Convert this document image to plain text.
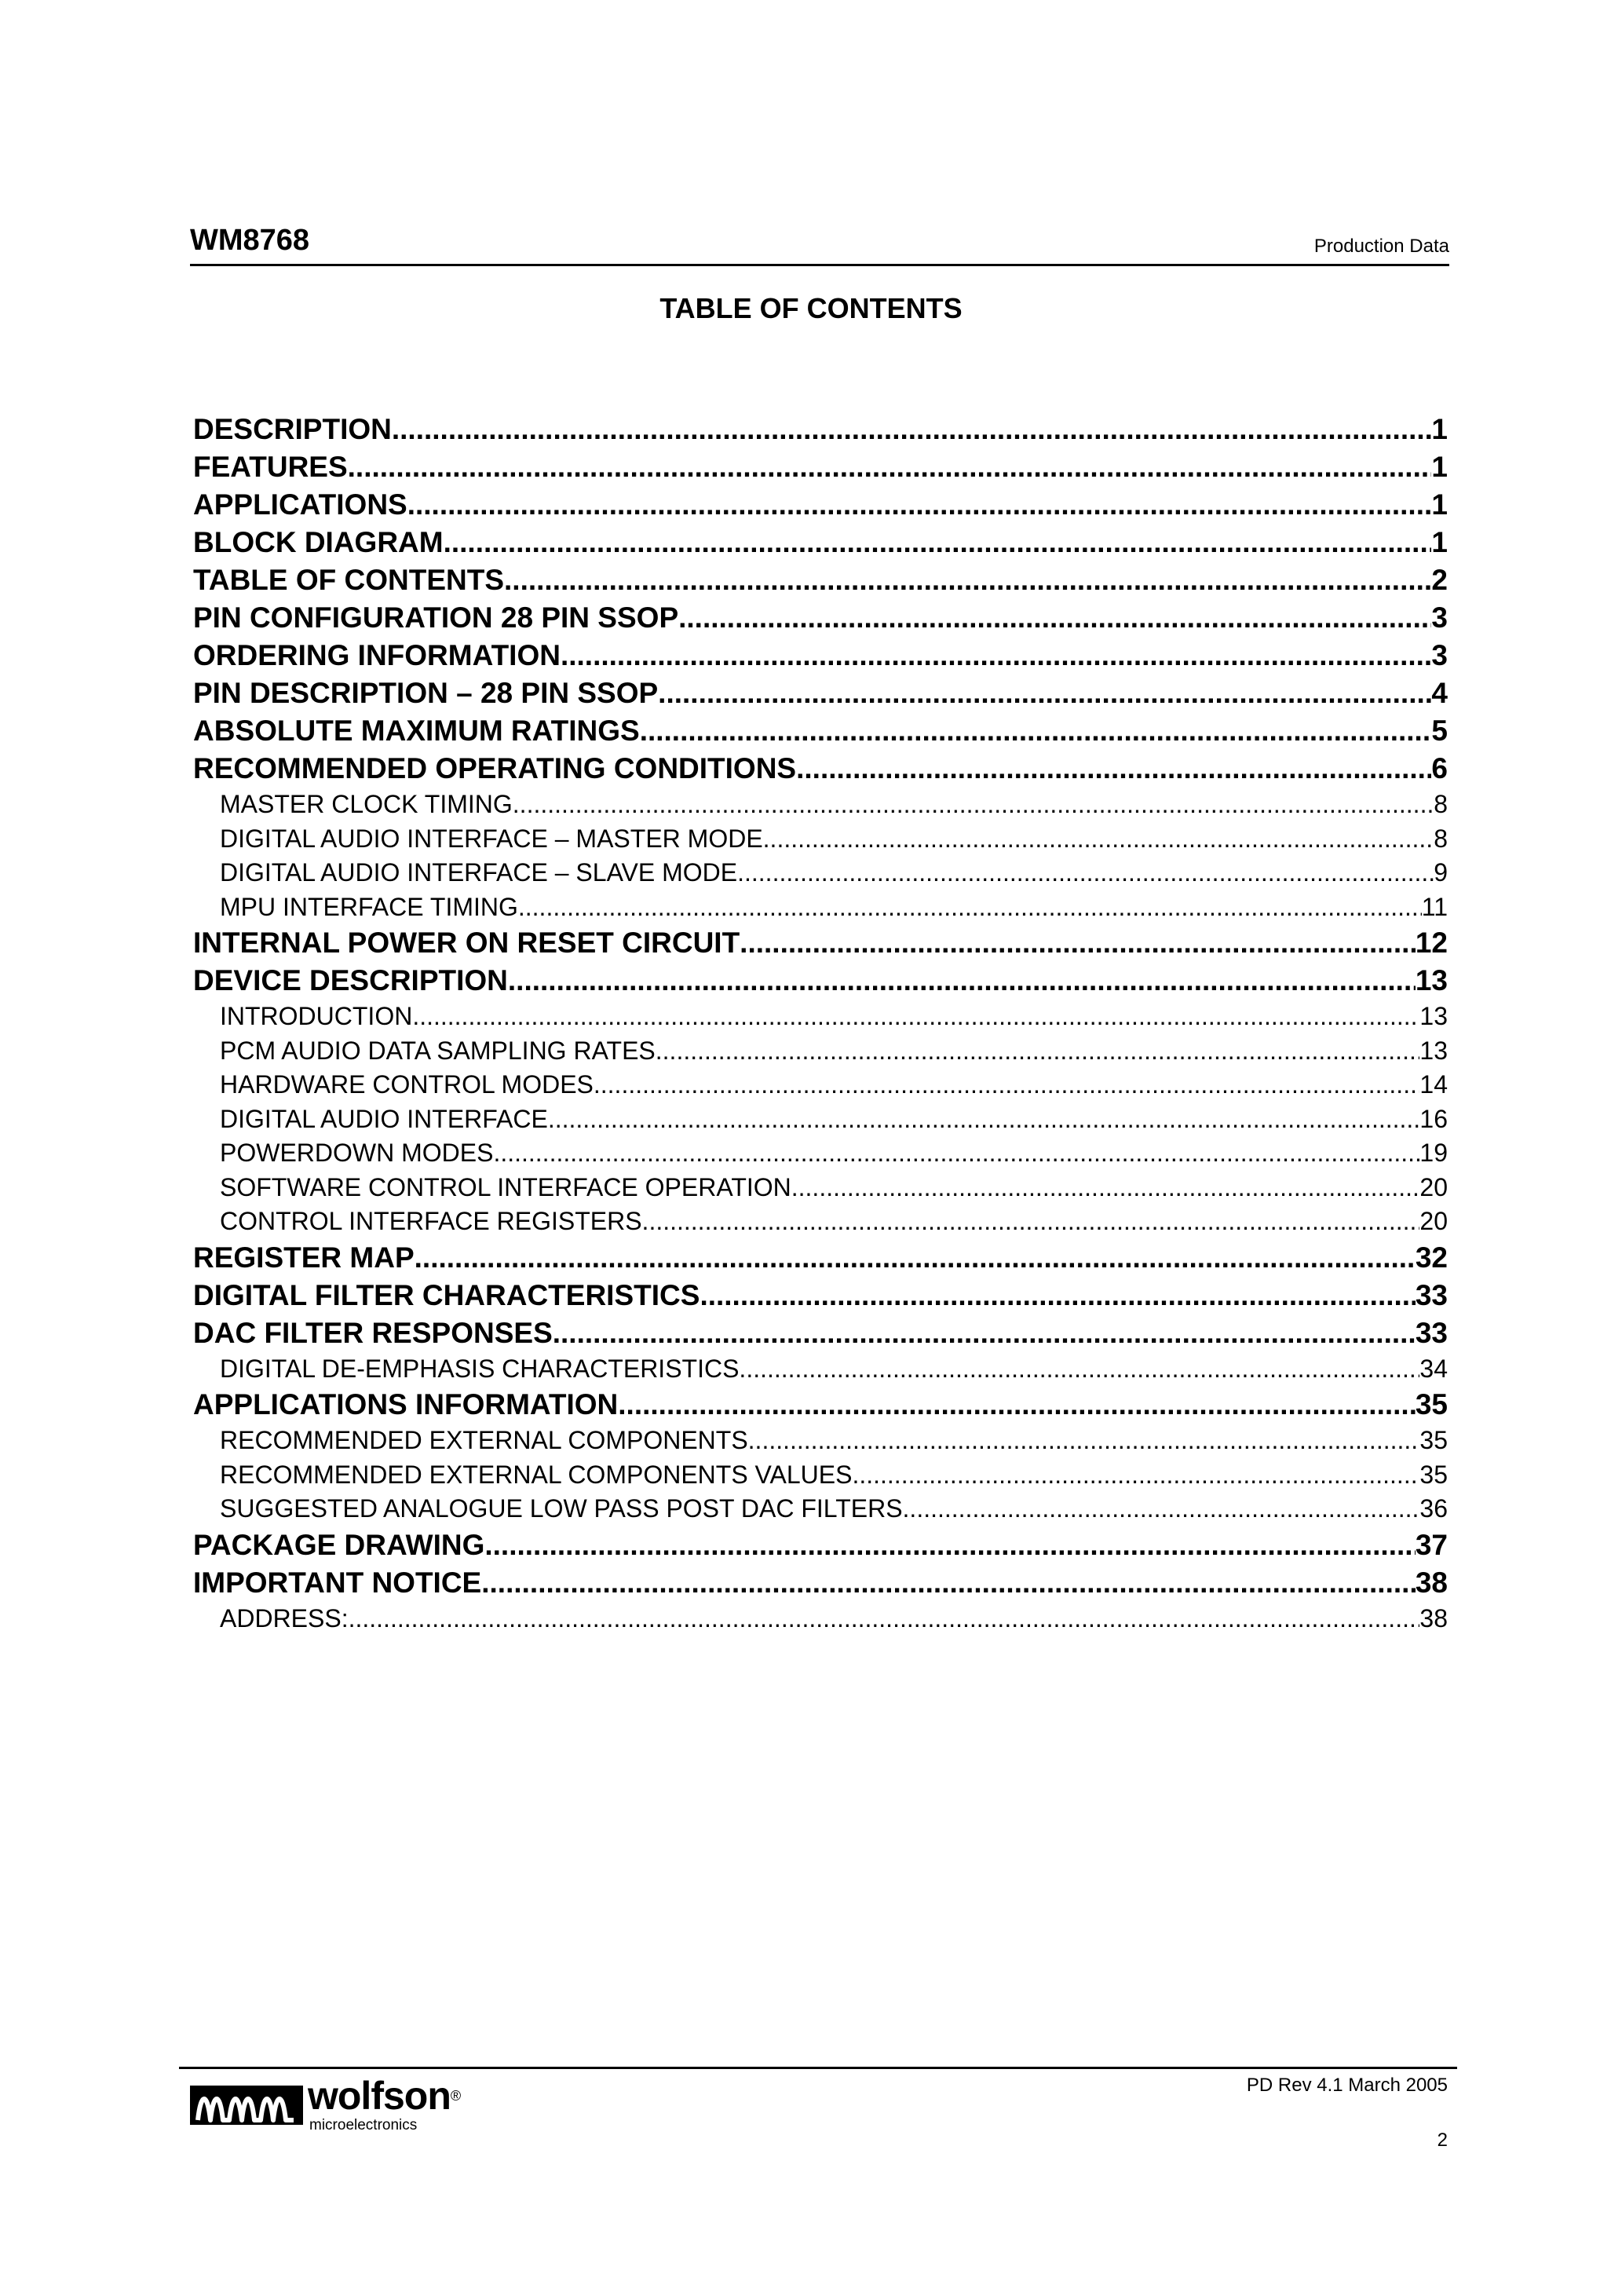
WM8768	Production Data
TABLE OF CONTENTS
DESCRIPTION .....	1
FEATURES .....	1
APPLICATIONS .....	1
BLOCK DIAGRAM .....	1
TABLE OF CONTENTS .....	2
PIN CONFIGURATION 28 PIN SSOP .....	3
ORDERING INFORMATION .....	3
PIN DESCRIPTION – 28 PIN SSOP .....	4
ABSOLUTE MAXIMUM RATINGS .....	5
RECOMMENDED OPERATING CONDITIONS .....	6
MASTER CLOCK TIMING .....	8
DIGITAL AUDIO INTERFACE – MASTER MODE .....	8
DIGITAL AUDIO INTERFACE – SLAVE MODE .....	9
MPU INTERFACE TIMING .....	11
INTERNAL POWER ON RESET CIRCUIT .....	12
DEVICE DESCRIPTION .....	13
INTRODUCTION .....	13
PCM AUDIO DATA SAMPLING RATES .....	13
HARDWARE CONTROL MODES .....	14
DIGITAL AUDIO INTERFACE .....	16
POWERDOWN MODES .....	19
SOFTWARE CONTROL INTERFACE OPERATION .....	20
CONTROL INTERFACE REGISTERS .....	20
REGISTER MAP .....	32
DIGITAL FILTER CHARACTERISTICS .....	33
DAC FILTER RESPONSES .....	33
DIGITAL DE-EMPHASIS CHARACTERISTICS .....	34
APPLICATIONS INFORMATION .....	35
RECOMMENDED EXTERNAL COMPONENTS .....	35
RECOMMENDED EXTERNAL COMPONENTS VALUES .....	35
SUGGESTED ANALOGUE LOW PASS POST DAC FILTERS .....	36
PACKAGE DRAWING .....	37
IMPORTANT NOTICE .....	38
ADDRESS: .....	38
wolfson®
microelectronics
PD Rev 4.1 March 2005
2
